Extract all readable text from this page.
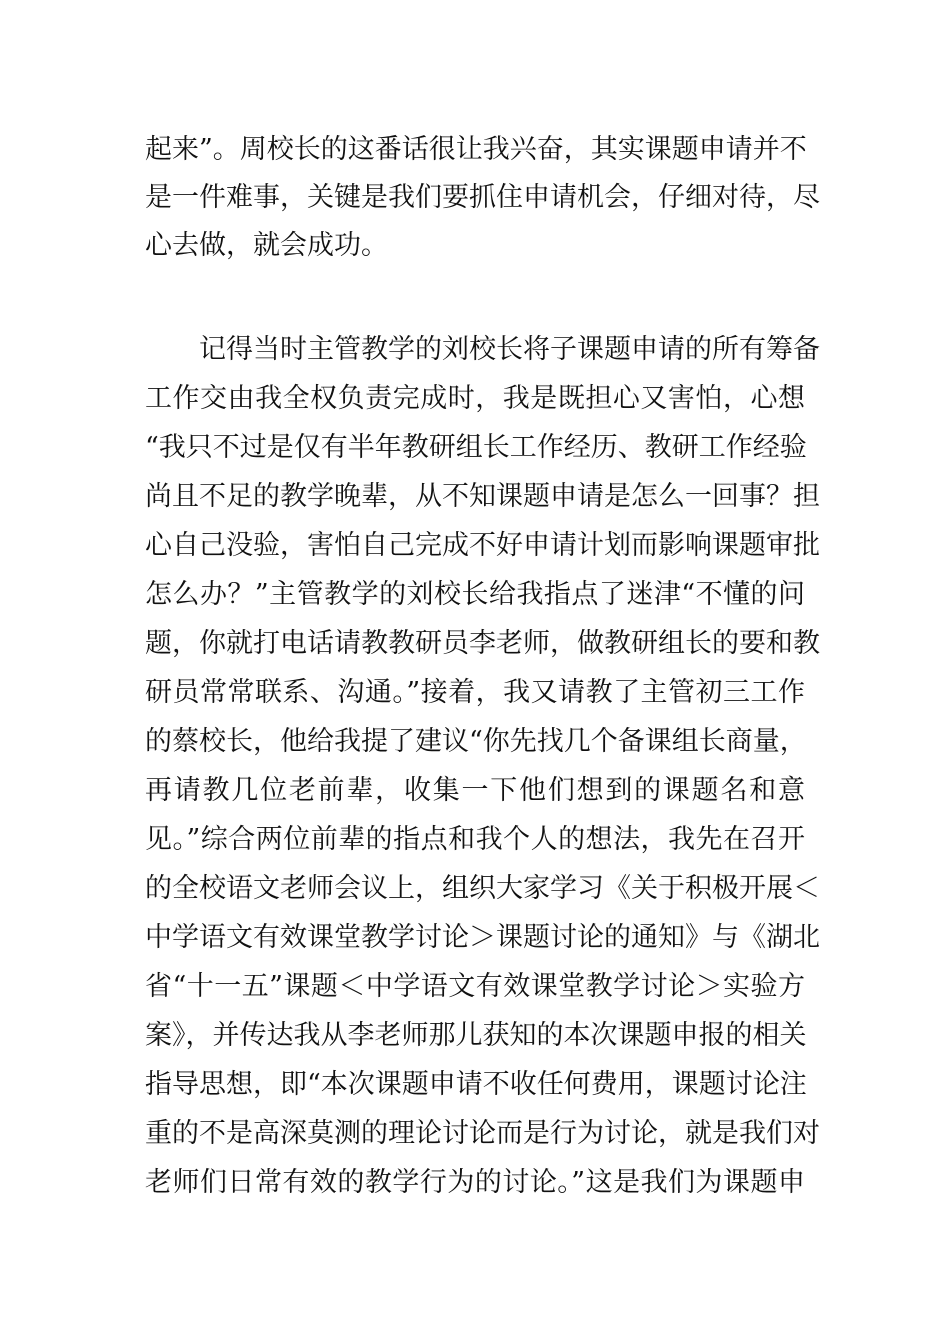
起来”。周校长的这番话很让我兴奋，其实课题申请并不
是一件难事，关键是我们要抓住申请机会，仔细对待，尽
心去做，就会成功。
　　记得当时主管教学的刘校长将子课题申请的所有筹备
工作交由我全权负责完成时，我是既担心又害怕，心想
“我只不过是仅有半年教研组长工作经历、教研工作经验
尚且不足的教学晚辈，从不知课题申请是怎么一回事？担
心自己没验，害怕自己完成不好申请计划而影响课题审批
怎么办？”主管教学的刘校长给我指点了迷津“不懂的问
题，你就打电话请教教研员李老师，做教研组长的要和教
研员常常联系、沟通。”接着，我又请教了主管初三工作
的蔡校长，他给我提了建议“你先找几个备课组长商量，
再请教几位老前辈，收集一下他们想到的课题名和意
见。”综合两位前辈的指点和我个人的想法，我先在召开
的全校语文老师会议上，组织大家学习《关于积极开展＜
中学语文有效课堂教学讨论＞课题讨论的通知》与《湖北
省“十一五”课题＜中学语文有效课堂教学讨论＞实验方
案》，并传达我从李老师那儿获知的本次课题申报的相关
指导思想，即“本次课题申请不收任何费用，课题讨论注
重的不是高深莫测的理论讨论而是行为讨论，就是我们对
老师们日常有效的教学行为的讨论。”这是我们为课题申
